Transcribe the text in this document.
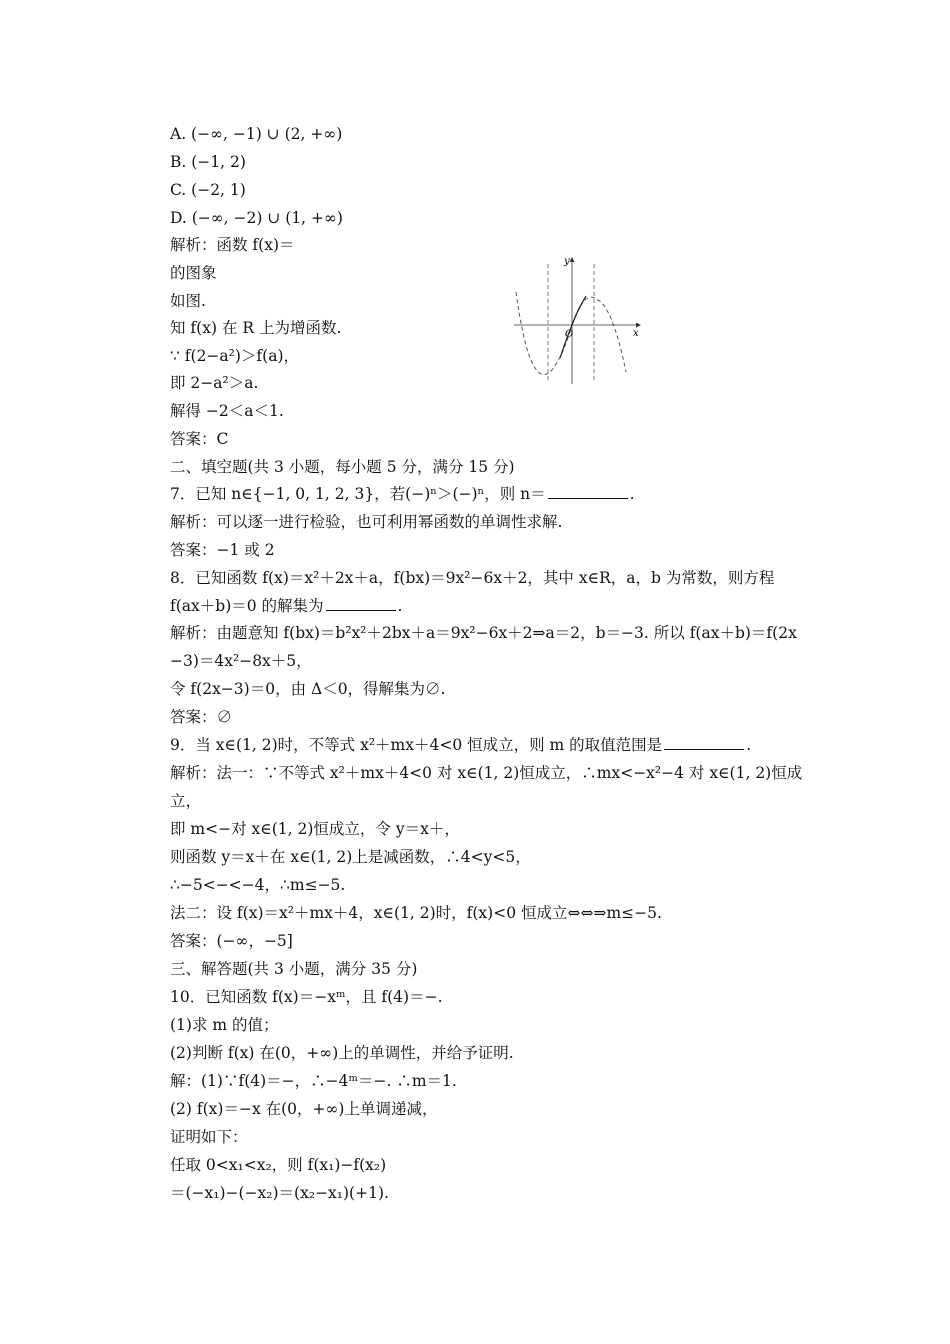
A. (−∞, −1) ∪ (2, +∞)
B. (−1, 2)
C. (−2, 1)
D. (−∞, −2) ∪ (1, +∞)
解析：函数 f(x)＝
的图象
如图.
知 f(x) 在 R 上为增函数.
∵ f(2−a²)＞f(a)，
即 2−a²＞a.
解得 −2＜a＜1.
答案：C
二、填空题(共 3 小题，每小题 5 分，满分 15 分)
7．已知 n∈{−1, 0, 1, 2, 3}，若(−)ⁿ＞(−)ⁿ，则 n＝	.
解析：可以逐一进行检验，也可利用幂函数的单调性求解.
答案：−1 或 2
8．已知函数 f(x)＝x²＋2x＋a，f(bx)＝9x²−6x＋2，其中 x∈R，a，b 为常数，则方程
f(ax＋b)＝0 的解集为	.
解析：由题意知 f(bx)＝b²x²＋2bx＋a＝9x²−6x＋2⇒a＝2，b＝−3. 所以 f(ax＋b)＝f(2x
−3)＝4x²−8x＋5，
令 f(2x−3)＝0，由 Δ＜0，得解集为∅.
答案：∅
9．当 x∈(1, 2)时，不等式 x²＋mx＋4<0 恒成立，则 m 的取值范围是	.
解析：法一：∵不等式 x²＋mx＋4<0 对 x∈(1, 2)恒成立，∴mx<−x²−4 对 x∈(1, 2)恒成
立，
即 m<−对 x∈(1, 2)恒成立，令 y＝x＋，
则函数 y＝x＋在 x∈(1, 2)上是减函数，∴4<y<5，
∴−5<−<−4，∴m≤−5.
法二：设 f(x)＝x²＋mx＋4，x∈(1, 2)时，f(x)<0 恒成立⇔⇔⇒m≤−5.
答案：(−∞，−5]
三、解答题(共 3 小题，满分 35 分)
10．已知函数 f(x)＝−xᵐ，且 f(4)＝−.
(1)求 m 的值；
(2)判断 f(x) 在(0，+∞)上的单调性，并给予证明.
解：(1)∵f(4)＝−，∴−4ᵐ＝−. ∴m＝1.
(2) f(x)＝−x 在(0，+∞)上单调递减，
证明如下：
任取 0<x₁<x₂，则 f(x₁)−f(x₂)
＝(−x₁)−(−x₂)＝(x₂−x₁)(+1).
y
x
O
